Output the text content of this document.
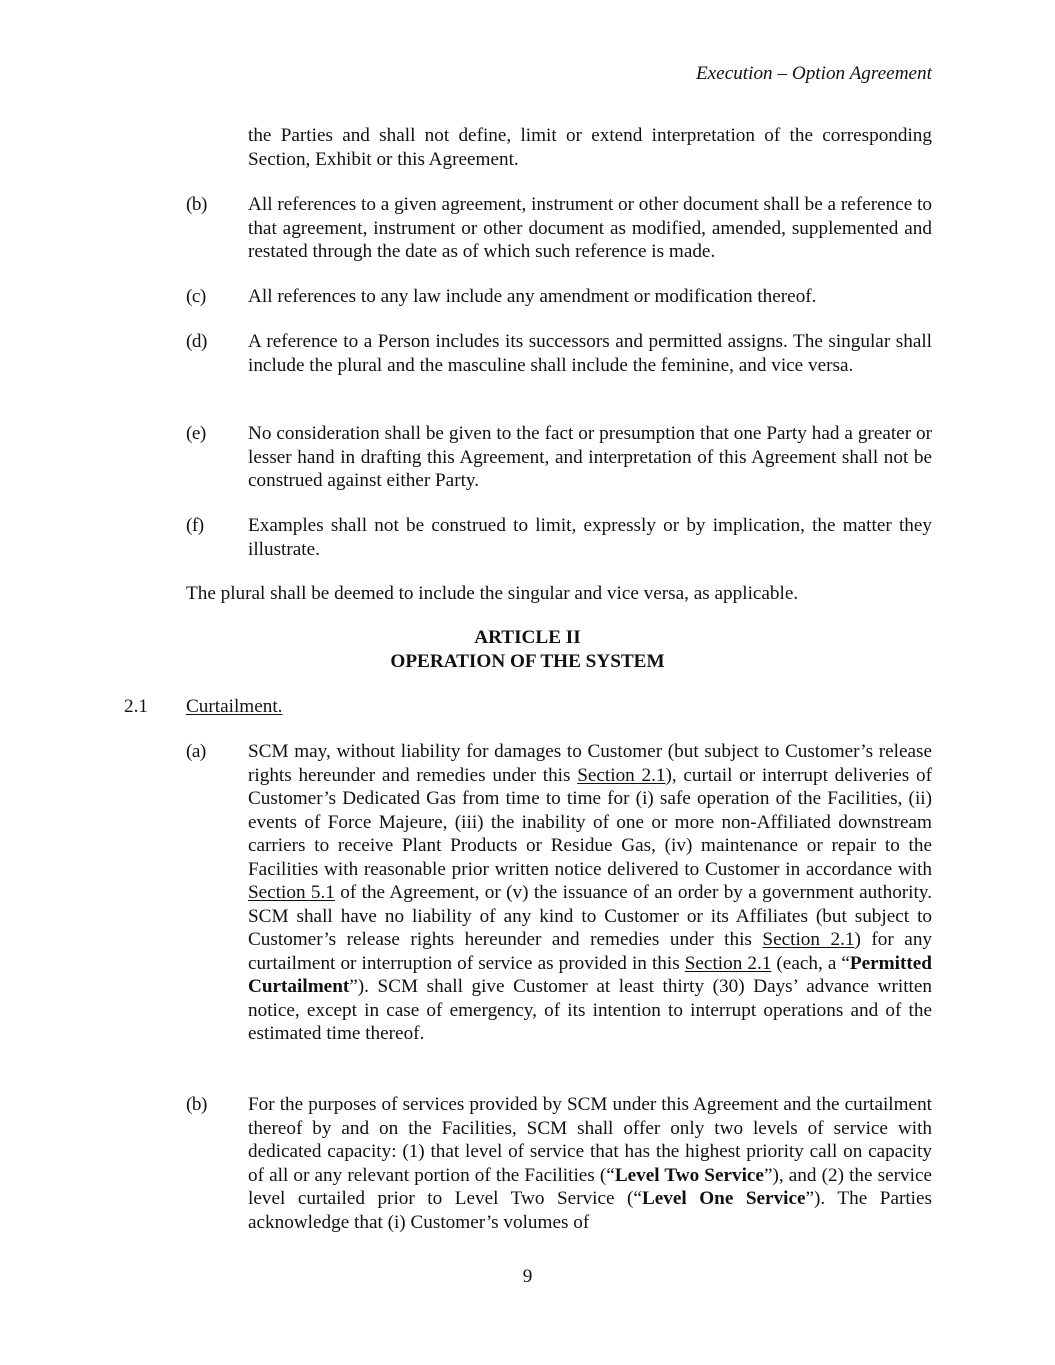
Execution – Option Agreement

the Parties and shall not define, limit or extend interpretation of the corresponding Section, Exhibit or this Agreement.

(b) All references to a given agreement, instrument or other document shall be a reference to that agreement, instrument or other document as modified, amended, supplemented and restated through the date as of which such reference is made.

(c) All references to any law include any amendment or modification thereof.

(d) A reference to a Person includes its successors and permitted assigns. The singular shall include the plural and the masculine shall include the feminine, and vice versa.

(e) No consideration shall be given to the fact or presumption that one Party had a greater or lesser hand in drafting this Agreement, and interpretation of this Agreement shall not be construed against either Party.

(f) Examples shall not be construed to limit, expressly or by implication, the matter they illustrate.

The plural shall be deemed to include the singular and vice versa, as applicable.

ARTICLE II
OPERATION OF THE SYSTEM
2.1 Curtailment.
(a) SCM may, without liability for damages to Customer (but subject to Customer’s release rights hereunder and remedies under this Section 2.1), curtail or interrupt deliveries of Customer’s Dedicated Gas from time to time for (i) safe operation of the Facilities, (ii) events of Force Majeure, (iii) the inability of one or more non-Affiliated downstream carriers to receive Plant Products or Residue Gas, (iv) maintenance or repair to the Facilities with reasonable prior written notice delivered to Customer in accordance with Section 5.1 of the Agreement, or (v) the issuance of an order by a government authority. SCM shall have no liability of any kind to Customer or its Affiliates (but subject to Customer’s release rights hereunder and remedies under this Section 2.1) for any curtailment or interruption of service as provided in this Section 2.1 (each, a “Permitted Curtailment”). SCM shall give Customer at least thirty (30) Days’ advance written notice, except in case of emergency, of its intention to interrupt operations and of the estimated time thereof.

(b) For the purposes of services provided by SCM under this Agreement and the curtailment thereof by and on the Facilities, SCM shall offer only two levels of service with dedicated capacity: (1) that level of service that has the highest priority call on capacity of all or any relevant portion of the Facilities (“Level Two Service”), and (2) the service level curtailed prior to Level Two Service (“Level One Service”). The Parties acknowledge that (i) Customer’s volumes of

9
